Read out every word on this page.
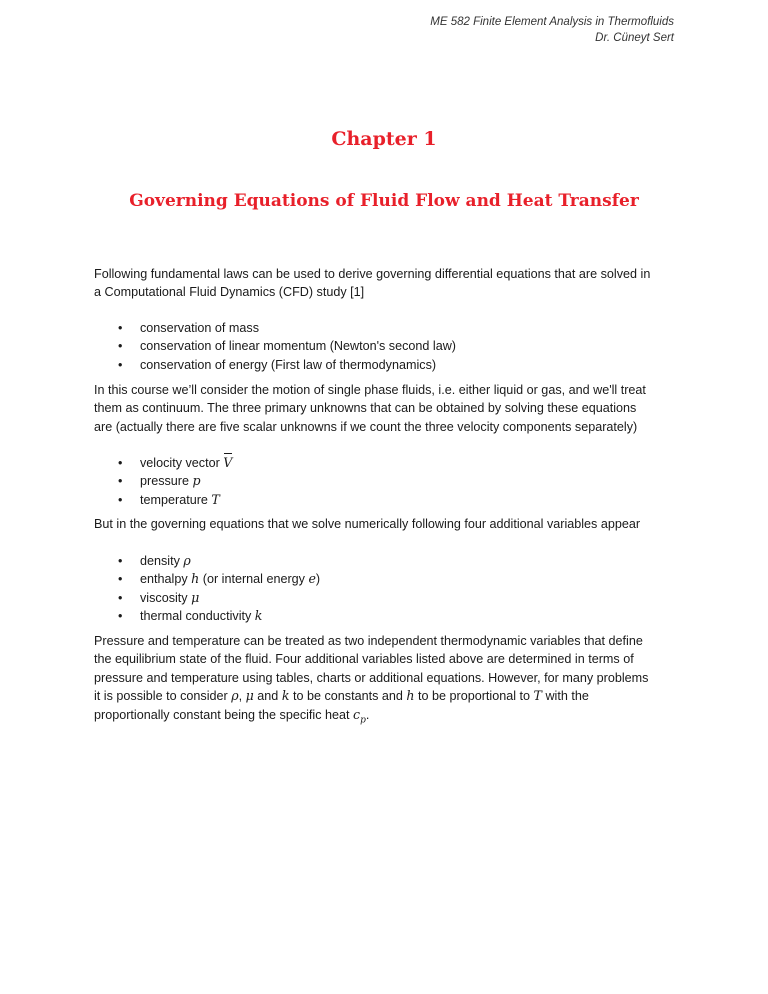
ME 582 Finite Element Analysis in Thermofluids
Dr. Cüneyt Sert
Chapter 1
Governing Equations of Fluid Flow and Heat Transfer
Following fundamental laws can be used to derive governing differential equations that are solved in
a Computational Fluid Dynamics (CFD) study [1]
• conservation of mass
• conservation of linear momentum (Newton's second law)
• conservation of energy (First law of thermodynamics)
In this course we’ll consider the motion of single phase fluids, i.e. either liquid or gas, and we'll treat
them as continuum. The three primary unknowns that can be obtained by solving these equations
are (actually there are five scalar unknowns if we count the three velocity components separately)
• velocity vector V
• pressure p
• temperature T
But in the governing equations that we solve numerically following four additional variables appear
• density ρ
• enthalpy h (or internal energy e)
• viscosity μ
• thermal conductivity k
Pressure and temperature can be treated as two independent thermodynamic variables that define
the equilibrium state of the fluid. Four additional variables listed above are determined in terms of
pressure and temperature using tables, charts or additional equations. However, for many problems
it is possible to consider ρ, μ and k to be constants and h to be proportional to T with the
proportionally constant being the specific heat $c_p$.
